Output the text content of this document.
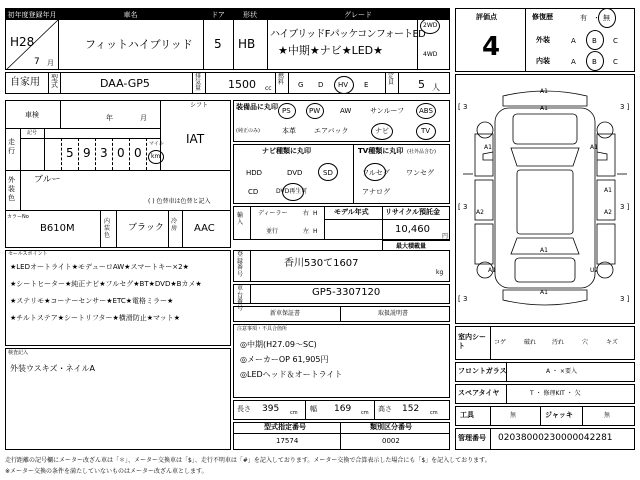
初年度登録年月	車名	ドア	形状	グレード
H28
7 月
フィットハイブリッド 5 HB
ハイブリッドFパッケコンフォートED
★中期★ナビ★LED★
2WD
4WD
自家用 型式	DAA-GP5
排気量 1500 cc
燃料 G D HV E
定員 5 人
車検	年	月
シフト
IAT
走行
記号
5 9 3 0 0
マイル
km
外装色
ブルー
( ) 色替車は色替と記入
カラーNo
B610M
内装色
ブラック
冷房 AAC
セールスポイント
★LEDオートライト★モデューロAW★スマートキー×2★
★シートヒーター★純正ナビ★フルセグ★BT★DVD★Bカメ★
★ステリモ★コーナーセンサー★ETC★電格ミラー★
★チルトステア★シートリフター★横滑防止★マット★
検査記入
外装ウスキズ・ネイルA
装備品に丸印
(純正のみ)
PS	PW	AW	サンルーフ ABS
本革	エアバック	ナビ	TV
ナビ種類に丸印	TV種類に丸印 (社外品含む)
HDD	DVD	SD
CD	DVD再生可
フルセグ ワンセグ
アナログ
輸入
ディーラー
並行
右 H
左 H
モデル年式 リサイクル預託金
10,460
円
最大積載量
登録番号
香川530て1607
kg
車台番号
GP5-3307120
新車保証書	取扱説明書
注意事項・不具合箇所
◎中期(H27.09～SC)
◎メーカーOP 61,905円
◎LEDヘッド＆オートライト
長さ 395 cm 幅 169 cm 高さ 152 cm
型式指定番号	類別区分番号
17574	0002
評価点
4
修復歴	有 ・ 無
外装	A B C
内装	A B C
A1
A1
A1	A1
A2
A1
A2
A1
A1	U2
A1
[ 3	3 ]
[ 3	3 ]
[ 3	3 ]
室内シート	コゲ	破れ	汚れ	穴	キズ
フロントガラス	A ・ ×要入
スペアタイヤ	T ・ 修理KIT ・ 欠
工具	無	ジャッキ	無
管理番号 02038000230000042281
走行距離の記号欄にメーター改ざん車は「＊」、メーター交換車は「$」、走行不明車は「#」を記入しております。メーター交換で合算表示した場合にも「$」を記入しております。
※メーター交換の条件を満たしていないものはメーター改ざん車とします。
